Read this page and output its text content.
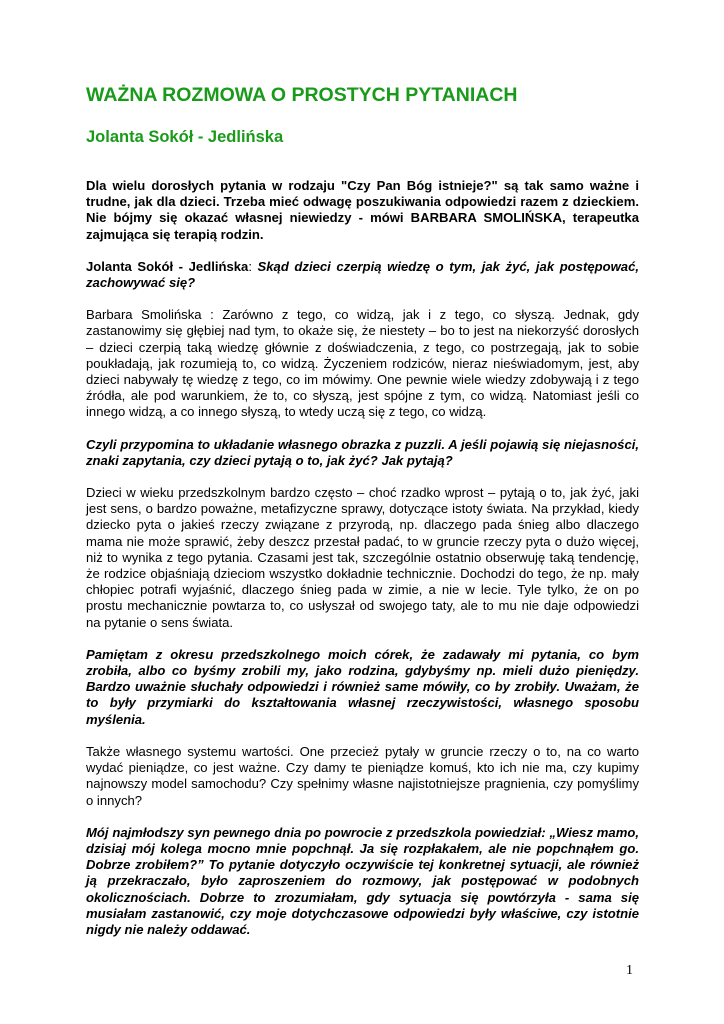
WAŻNA ROZMOWA O PROSTYCH PYTANIACH
Jolanta Sokół - Jedlińska

Dla wielu dorosłych pytania w rodzaju "Czy Pan Bóg istnieje?" są tak samo ważne i trudne, jak dla dzieci. Trzeba mieć odwagę poszukiwania odpowiedzi razem z dzieckiem. Nie bójmy się okazać własnej niewiedzy - mówi BARBARA SMOLIŃSKA, terapeutka zajmująca się terapią rodzin.

Jolanta Sokół - Jedlińska: Skąd dzieci czerpią wiedzę o tym, jak żyć, jak postępować, zachowywać się?

Barbara Smolińska : Zarówno z tego, co widzą, jak i z tego, co słyszą. Jednak, gdy zastanowimy się głębiej nad tym, to okaże się, że niestety – bo to jest na niekorzyść dorosłych – dzieci czerpią taką wiedzę głównie z doświadczenia, z tego, co postrzegają, jak to sobie poukładają, jak rozumieją to, co widzą. Życzeniem rodziców, nieraz nieświadomym, jest, aby dzieci nabywały tę wiedzę z tego, co im mówimy. One pewnie wiele wiedzy zdobywają i z tego źródła, ale pod warunkiem, że to, co słyszą, jest spójne z tym, co widzą. Natomiast jeśli co innego widzą, a co innego słyszą, to wtedy uczą się z tego, co widzą.

Czyli przypomina to układanie własnego obrazka z puzzli. A jeśli pojawią się niejasności, znaki zapytania, czy dzieci pytają o to, jak żyć? Jak pytają?

Dzieci w wieku przedszkolnym bardzo często – choć rzadko wprost – pytają o to, jak żyć, jaki jest sens, o bardzo poważne, metafizyczne sprawy, dotyczące istoty świata. Na przykład, kiedy dziecko pyta o jakieś rzeczy związane z przyrodą, np. dlaczego pada śnieg albo dlaczego mama nie może sprawić, żeby deszcz przestał padać, to w gruncie rzeczy pyta o dużo więcej, niż to wynika z tego pytania. Czasami jest tak, szczególnie ostatnio obserwuję taką tendencję, że rodzice objaśniają dzieciom wszystko dokładnie technicznie. Dochodzi do tego, że np. mały chłopiec potrafi wyjaśnić, dlaczego śnieg pada w zimie, a nie w lecie. Tyle tylko, że on po prostu mechanicznie powtarza to, co usłyszał od swojego taty, ale to mu nie daje odpowiedzi na pytanie o sens świata.

Pamiętam z okresu przedszkolnego moich córek, że zadawały mi pytania, co bym zrobiła, albo co byśmy zrobili my, jako rodzina, gdybyśmy np. mieli dużo pieniędzy. Bardzo uważnie słuchały odpowiedzi i również same mówiły, co by zrobiły. Uważam, że to były przymiarki do kształtowania własnej rzeczywistości, własnego sposobu myślenia.

Także własnego systemu wartości. One przecież pytały w gruncie rzeczy o to, na co warto wydać pieniądze, co jest ważne. Czy damy te pieniądze komuś, kto ich nie ma, czy kupimy najnowszy model samochodu? Czy spełnimy własne najistotniejsze pragnienia, czy pomyślimy o innych?

Mój najmłodszy syn pewnego dnia po powrocie z przedszkola powiedział: „Wiesz mamo, dzisiaj mój kolega mocno mnie popchnął. Ja się rozpłakałem, ale nie popchnąłem go. Dobrze zrobiłem?” To pytanie dotyczyło oczywiście tej konkretnej sytuacji, ale również ją przekraczało, było zaproszeniem do rozmowy, jak postępować w podobnych okolicznościach. Dobrze to zrozumiałam, gdy sytuacja się powtórzyła - sama się musiałam zastanowić, czy moje dotychczasowe odpowiedzi były właściwe, czy istotnie nigdy nie należy oddawać.

1
